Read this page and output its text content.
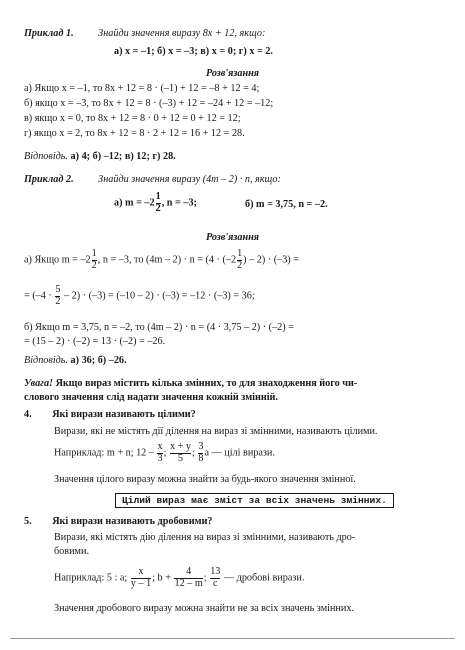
Приклад 1. Знайди значення виразу 8x + 12, якщо:
а) x = –1; б) x = –3; в) x = 0; г) x = 2.
Розв'язання
а) Якщо x = –1, то 8x + 12 = 8 · (–1) + 12 = –8 + 12 = 4;
б) якщо x = –3, то 8x + 12 = 8 · (–3) + 12 = –24 + 12 = –12;
в) якщо x = 0, то 8x + 12 = 8 · 0 + 12 = 0 + 12 = 12;
г) якщо x = 2, то 8x + 12 = 8 · 2 + 12 = 16 + 12 = 28.
Відповідь. а) 4; б) –12; в) 12; г) 28.
Приклад 2. Знайди значення виразу (4m – 2) · n, якщо:
а) $m = -2 \frac{1}{2}$ , n = –3;	б) m = 3,75, n = –2.
Розв'язання
а) Якщо $m = -2 \frac{1}{2}$ , n = –3, то $(4m - 2) \cdot n = (4 \cdot (-2 \frac{1}{2}$ ) – 2) · (–3) =
= $(-4 \cdot \frac{5}{2} - 2) \cdot (-3) = (-10 - 2) \cdot (-3) = -12 \cdot (-3) = 36$;
б) Якщо m = 3,75, n = –2, то (4m – 2) · n = (4 · 3,75 – 2) · (–2) =
= (15 – 2) · (–2) = 13 · (–2) = –26.
Відповідь. а) 36; б) –26.
Увага! Якщо вираз містить кілька змінних, то для знаходження його чи-
слового значення слід надати значення кожній змінній.
4. Які вирази називають цілими?
Вирази, які не містять дії ділення на вираз зі змінними, називають цілими.
Наприклад: m + n; $12 - \frac{x}{3}$ ; $\frac{x + y}{5}$ ; $\frac{3}{8}$ a — цілі вирази.
Значення цілого виразу можна знайти за будь-якого значення змінної.
Цілий вираз має зміст за всіх значень змінних.
5. Які вирази називають дробовими?
Вирази, які містять дію ділення на вираз зі змінними, називають дро-
бовими.
Наприклад: 5 : a; $\frac{x}{y - 1}$ ; $b + \frac{4}{12 - m}$ ; $\frac{13}{c}$ — дробові вирази.
Значення дробового виразу можна знайти не за всіх значень змінних.
